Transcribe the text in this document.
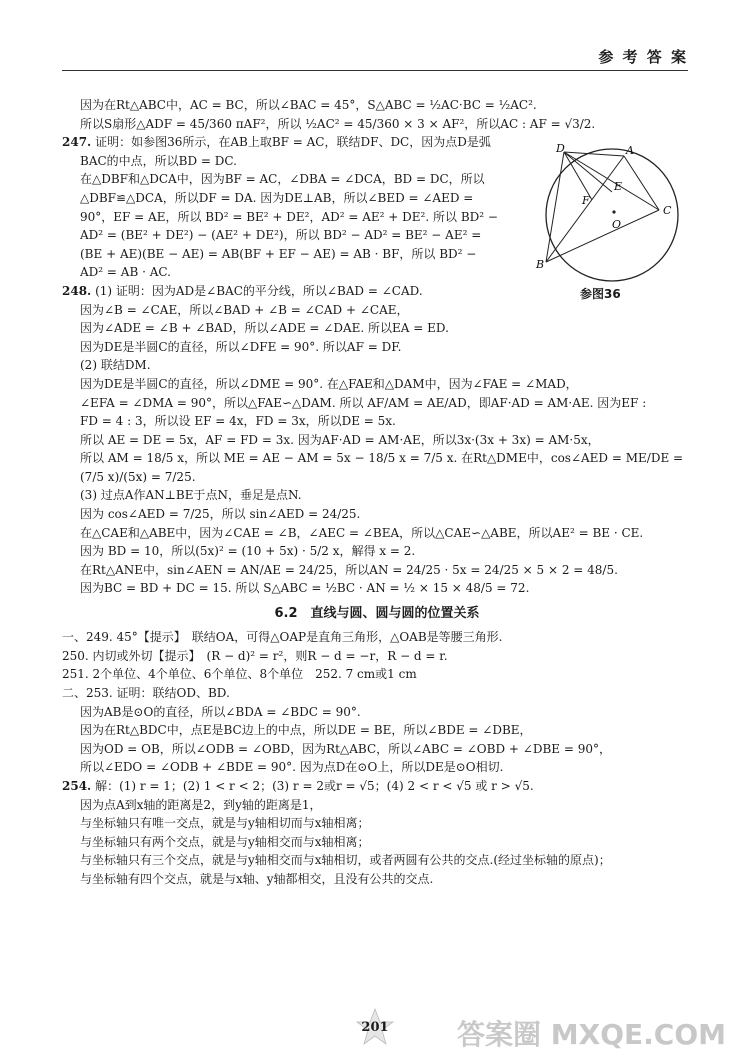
参 考 答 案
因为在Rt△ABC中，AC = BC，所以∠BAC = 45°，S△ABC = ½AC·BC = ½AC².
所以S扇形△ADF = 45/360 πAF²，所以 ½AC² = 45/360 × 3 × AF²，所以AC : AF = √3/2.
247. 证明：如参图36所示，在AB上取BF = AC，联结DF、DC，因为点D是弧
BAC的中点，所以BD = DC.
在△DBF和△DCA中，因为BF = AC，∠DBA = ∠DCA，BD = DC，所以
△DBF≌△DCA，所以DF = DA. 因为DE⊥AB，所以∠BED = ∠AED =
90°，EF = AE，所以 BD² = BE² + DE²，AD² = AE² + DE². 所以 BD² −
AD² = (BE² + DE²) − (AE² + DE²)，所以 BD² − AD² = BE² − AE² =
(BE + AE)(BE − AE) = AB(BF + EF − AE) = AB · BF，所以 BD² −
AD² = AB · AC.
248. (1) 证明：因为AD是∠BAC的平分线，所以∠BAD = ∠CAD.
因为∠B = ∠CAE，所以∠BAD + ∠B = ∠CAD + ∠CAE，
因为∠ADE = ∠B + ∠BAD，所以∠ADE = ∠DAE. 所以EA = ED.
因为DE是半圆C的直径，所以∠DFE = 90°. 所以AF = DF.
(2) 联结DM.
因为DE是半圆C的直径，所以∠DME = 90°. 在△FAE和△DAM中，因为∠FAE = ∠MAD，
∠EFA = ∠DMA = 90°，所以△FAE∽△DAM. 所以 AF/AM = AE/AD，即AF·AD = AM·AE. 因为EF :
FD = 4 : 3，所以设 EF = 4x，FD = 3x，所以DE = 5x.
所以 AE = DE = 5x，AF = FD = 3x. 因为AF·AD = AM·AE，所以3x·(3x + 3x) = AM·5x，
所以 AM = 18/5 x，所以 ME = AE − AM = 5x − 18/5 x = 7/5 x. 在Rt△DME中，cos∠AED = ME/DE =
(7/5 x)/(5x) = 7/25.
(3) 过点A作AN⊥BE于点N，垂足是点N.
因为 cos∠AED = 7/25，所以 sin∠AED = 24/25.
在△CAE和△ABE中，因为∠CAE = ∠B，∠AEC = ∠BEA，所以△CAE∽△ABE，所以AE² = BE · CE.
因为 BD = 10，所以(5x)² = (10 + 5x) · 5/2 x，解得 x = 2.
在Rt△ANE中，sin∠AEN = AN/AE = 24/25，所以AN = 24/25 · 5x = 24/25 × 5 × 2 = 48/5.
因为BC = BD + DC = 15. 所以 S△ABC = ½BC · AN = ½ × 15 × 48/5 = 72.
6.2　直线与圆、圆与圆的位置关系
一、249. 45°【提示】　联结OA，可得△OAP是直角三角形，△OAB是等腰三角形.
250. 内切或外切【提示】　(R − d)² = r²，则R − d = −r，R − d = r.
251. 2个单位、4个单位、6个单位、8个单位　252. 7 cm或1 cm
二、253. 证明：联结OD、BD.
因为AB是⊙O的直径，所以∠BDA = ∠BDC = 90°.
因为在Rt△BDC中，点E是BC边上的中点，所以DE = BE，所以∠BDE = ∠DBE，
因为OD = OB，所以∠ODB = ∠OBD，因为Rt△ABC，所以∠ABC = ∠OBD + ∠DBE = 90°，
所以∠EDO = ∠ODB + ∠BDE = 90°. 因为点D在⊙O上，所以DE是⊙O相切.
254. 解：(1) r = 1；(2) 1 < r < 2；(3) r = 2或r = √5；(4) 2 < r < √5 或 r > √5.
因为点A到x轴的距离是2，到y轴的距离是1，
与坐标轴只有唯一交点，就是与y轴相切而与x轴相离；
与坐标轴只有两个交点，就是与y轴相交而与x轴相离；
与坐标轴只有三个交点，就是与y轴相交而与x轴相切，或者两圆有公共的交点.(经过坐标轴的原点)；
与坐标轴有四个交点，就是与x轴、y轴都相交，且没有公共的交点.
D	A
E
F
O
C
B
参图36
201	答案圈 MXQE.COM
